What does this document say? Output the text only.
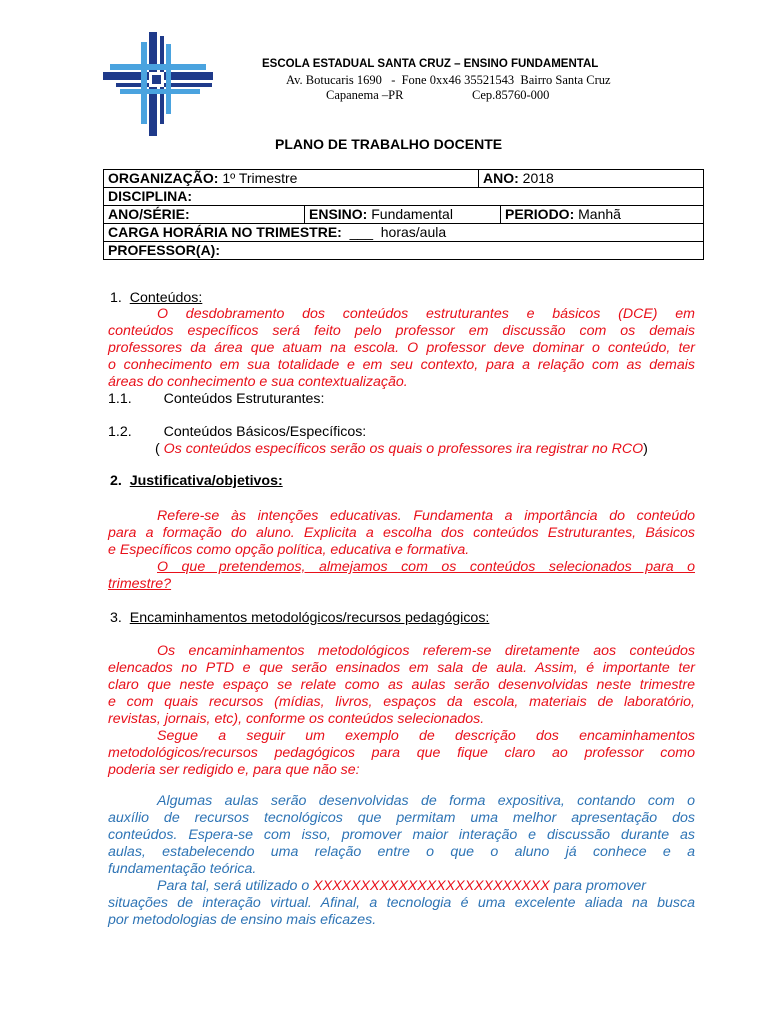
ESCOLA ESTADUAL SANTA CRUZ – ENSINO FUNDAMENTAL
Av. Botucaris 1690   -  Fone 0xx46 35521543  Bairro Santa Cruz
Capanema –PR	Cep.85760-000
PLANO DE TRABALHO DOCENTE
ORGANIZAÇÃO: 1º Trimestre	ANO: 2018
DISCIPLINA:
ANO/SÉRIE:	ENSINO: Fundamental	PERIODO: Manhã
CARGA HORÁRIA NO TRIMESTRE: ___  horas/aula
PROFESSOR(A):
1. Conteúdos:
O desdobramento dos conteúdos estruturantes e básicos (DCE) em
conteúdos específicos será feito pelo professor em discussão com os demais
professores da área que atuam na escola. O professor deve dominar o conteúdo, ter
o conhecimento em sua totalidade e em seu contexto, para a relação com as demais
áreas do conhecimento e sua contextualização.
1.1. Conteúdos Estruturantes:
1.2. Conteúdos Básicos/Específicos:
( Os conteúdos específicos serão os quais o professores ira registrar no RCO)
2. Justificativa/objetivos:
Refere-se às intenções educativas. Fundamenta a importância do conteúdo
para a formação do aluno. Explicita a escolha dos conteúdos Estruturantes, Básicos
e Específicos como opção política, educativa e formativa.
O que pretendemos, almejamos com os conteúdos selecionados para o
trimestre?
3. Encaminhamentos metodológicos/recursos pedagógicos:
Os encaminhamentos metodológicos referem-se diretamente aos conteúdos
elencados no PTD e que serão ensinados em sala de aula. Assim, é importante ter
claro que neste espaço se relate como as aulas serão desenvolvidas neste trimestre
e com quais recursos (mídias, livros, espaços da escola, materiais de laboratório,
revistas, jornais, etc), conforme os conteúdos selecionados.
Segue a seguir um exemplo de descrição dos encaminhamentos
metodológicos/recursos pedagógicos para que fique claro ao professor como
poderia ser redigido e, para que não se:
Algumas aulas serão desenvolvidas de forma expositiva, contando com o
auxílio de recursos tecnológicos que permitam uma melhor apresentação dos
conteúdos. Espera-se com isso, promover maior interação e discussão durante as
aulas, estabelecendo uma relação entre o que o aluno já conhece e a
fundamentação teórica.
Para tal, será utilizado o XXXXXXXXXXXXXXXXXXXXXXXXX para promover
situações de interação virtual. Afinal, a tecnologia é uma excelente aliada na busca
por metodologias de ensino mais eficazes.
